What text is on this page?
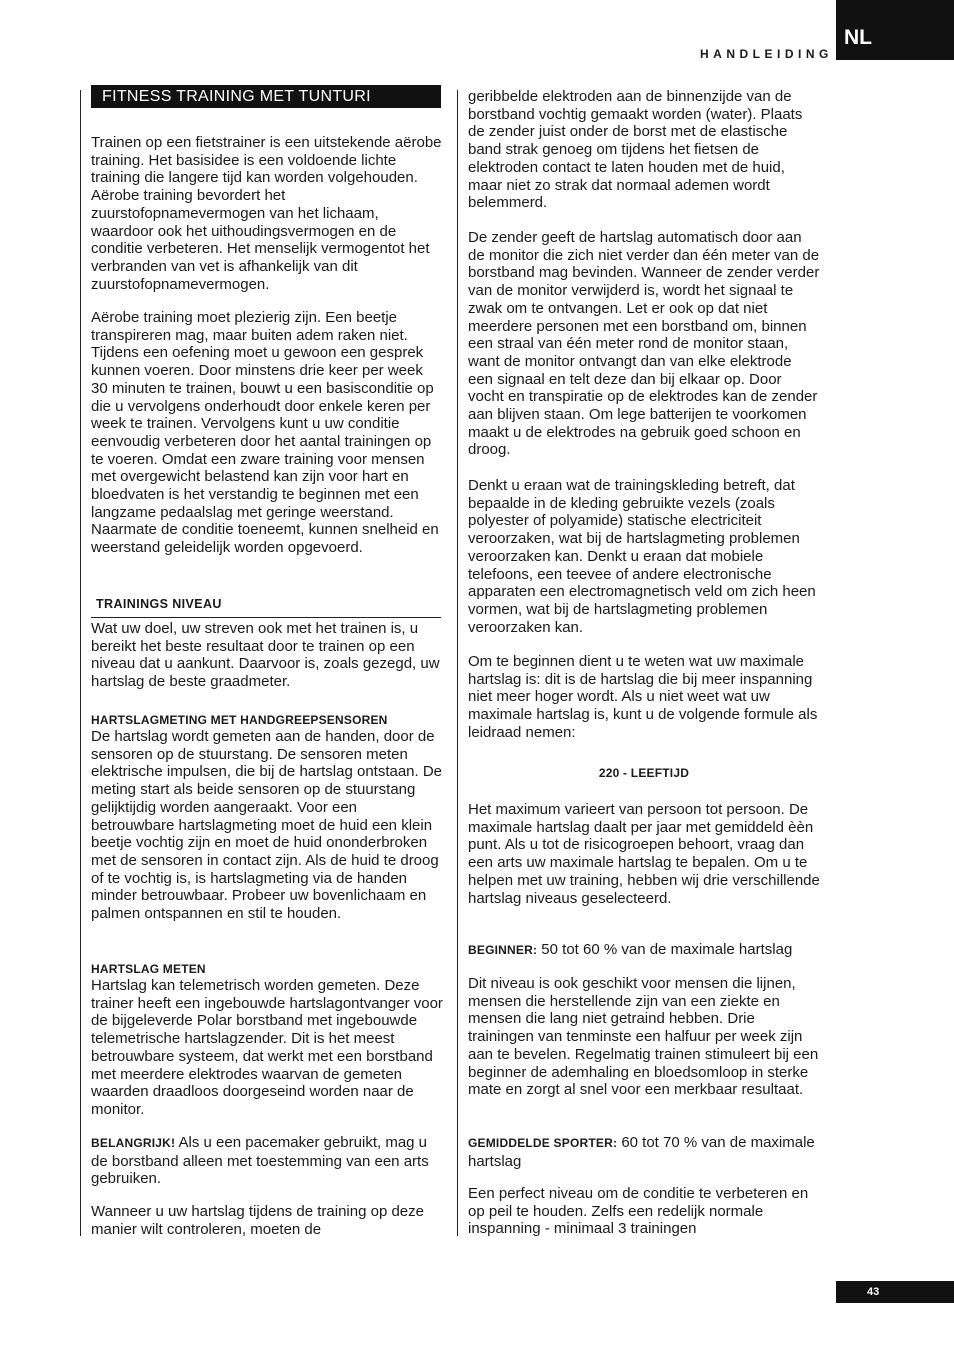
HANDLEIDING
NL
FITNESS TRAINING MET TUNTURI

Trainen op een fietstrainer is een uitstekende aërobe training. Het basisidee is een voldoende lichte training die langere tijd kan worden volgehouden. Aërobe training bevordert het zuurstofopnamevermogen van het lichaam, waardoor ook het uithoudingsvermogen en de conditie verbeteren. Het menselijk vermogentot het verbranden van vet is afhankelijk van dit zuurstofopnamevermogen.

Aërobe training moet plezierig zijn. Een beetje transpireren mag, maar buiten adem raken niet. Tijdens een oefening moet u gewoon een gesprek kunnen voeren. Door minstens drie keer per week 30 minuten te trainen, bouwt u een basisconditie op die u vervolgens onderhoudt door enkele keren per week te trainen. Vervolgens kunt u uw conditie eenvoudig verbeteren door het aantal trainingen op te voeren. Omdat een zware training voor mensen met overgewicht belastend kan zijn voor hart en bloedvaten is het verstandig te beginnen met een langzame pedaalslag met geringe weerstand. Naarmate de conditie toeneemt, kunnen snelheid en weerstand geleidelijk worden opgevoerd.

TRAININGS NIVEAU

Wat uw doel, uw streven ook met het trainen is, u bereikt het beste resultaat door te trainen op een niveau dat u aankunt. Daarvoor is, zoals gezegd, uw hartslag de beste graadmeter.

HARTSLAGMETING MET HANDGREEPSENSOREN

De hartslag wordt gemeten aan de handen, door de sensoren op de stuurstang. De sensoren meten elektrische impulsen, die bij de hartslag ontstaan. De meting start als beide sensoren op de stuurstang gelijktijdig worden aangeraakt. Voor een betrouwbare hartslagmeting moet de huid een klein beetje vochtig zijn en moet de huid ononderbroken met de sensoren in contact zijn. Als de huid te droog of te vochtig is, is hartslagmeting via de handen minder betrouwbaar. Probeer uw bovenlichaam en palmen ontspannen en stil te houden.

HARTSLAG METEN

Hartslag kan telemetrisch worden gemeten. Deze trainer heeft een ingebouwde hartslagontvanger voor de bijgeleverde Polar borstband met ingebouwde telemetrische hartslagzender. Dit is het meest betrouwbare systeem, dat werkt met een borstband met meerdere elektrodes waarvan de gemeten waarden draadloos doorgeseind worden naar de monitor.

BELANGRIJK! Als u een pacemaker gebruikt, mag u de borstband alleen met toestemming van een arts gebruiken.

Wanneer u uw hartslag tijdens de training op deze manier wilt controleren, moeten de

geribbelde elektroden aan de binnenzijde van de borstband vochtig gemaakt worden (water). Plaats de zender juist onder de borst met de elastische band strak genoeg om tijdens het fietsen de elektroden contact te laten houden met de huid, maar niet zo strak dat normaal ademen wordt belemmerd.

De zender geeft de hartslag automatisch door aan de monitor die zich niet verder dan één meter van de borstband mag bevinden. Wanneer de zender verder van de monitor verwijderd is, wordt het signaal te zwak om te ontvangen. Let er ook op dat niet meerdere personen met een borstband om, binnen een straal van één meter rond de monitor staan, want de monitor ontvangt dan van elke elektrode een signaal en telt deze dan bij elkaar op. Door vocht en transpiratie op de elektrodes kan de zender aan blijven staan. Om lege batterijen te voorkomen maakt u de elektrodes na gebruik goed schoon en droog.

Denkt u eraan wat de trainingskleding betreft, dat bepaalde in de kleding gebruikte vezels (zoals polyester of polyamide) statische electriciteit veroorzaken, wat bij de hartslagmeting problemen veroorzaken kan. Denkt u eraan dat mobiele telefoons, een teevee of andere electronische apparaten een electromagnetisch veld om zich heen vormen, wat bij de hartslagmeting problemen veroorzaken kan.

Om te beginnen dient u te weten wat uw maximale hartslag is: dit is de hartslag die bij meer inspanning niet meer hoger wordt. Als u niet weet wat uw maximale hartslag is, kunt u de volgende formule als leidraad nemen:

220 - LEEFTIJD

Het maximum varieert van persoon tot persoon. De maximale hartslag daalt per jaar met gemiddeld èèn punt. Als u tot de risicogroepen behoort, vraag dan een arts uw maximale hartslag te bepalen. Om u te helpen met uw training, hebben wij drie verschillende hartslag niveaus geselecteerd.

BEGINNER: 50 tot 60 % van de maximale hartslag

Dit niveau is ook geschikt voor mensen die lijnen, mensen die herstellende zijn van een ziekte en mensen die lang niet getraind hebben. Drie trainingen van tenminste een halfuur per week zijn aan te bevelen. Regelmatig trainen stimuleert bij een beginner de ademhaling en bloedsomloop in sterke mate en zorgt al snel voor een merkbaar resultaat.

GEMIDDELDE SPORTER: 60 tot 70 % van de maximale hartslag

Een perfect niveau om de conditie te verbeteren en op peil te houden. Zelfs een redelijk normale inspanning - minimaal 3 trainingen

43
